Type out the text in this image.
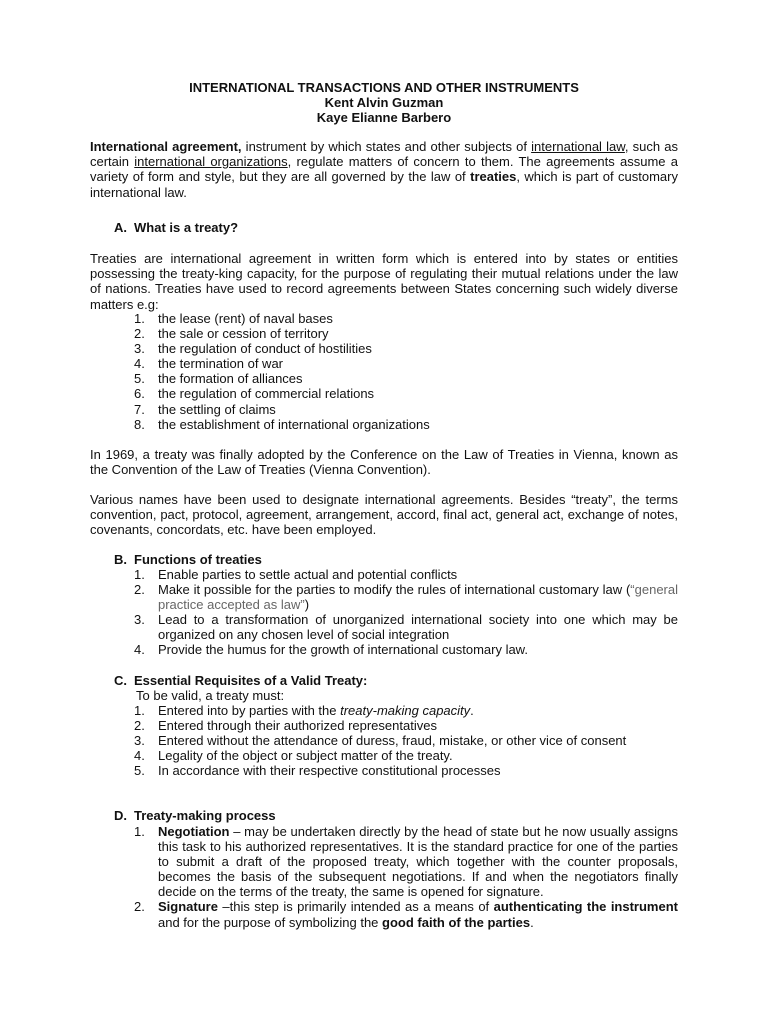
INTERNATIONAL TRANSACTIONS AND OTHER INSTRUMENTS
Kent Alvin Guzman
Kaye Elianne Barbero
International agreement, instrument by which states and other subjects of international law, such as certain international organizations, regulate matters of concern to them. The agreements assume a variety of form and style, but they are all governed by the law of treaties, which is part of customary international law.
A. What is a treaty?
Treaties are international agreement in written form which is entered into by states or entities possessing the treaty-king capacity, for the purpose of regulating their mutual relations under the law of nations. Treaties have used to record agreements between States concerning such widely diverse matters e.g:
1. the lease (rent) of naval bases
2. the sale or cession of territory
3. the regulation of conduct of hostilities
4. the termination of war
5. the formation of alliances
6. the regulation of commercial relations
7. the settling of claims
8. the establishment of international organizations
In 1969, a treaty was finally adopted by the Conference on the Law of Treaties in Vienna, known as the Convention of the Law of Treaties (Vienna Convention).
Various names have been used to designate international agreements. Besides “treaty”, the terms convention, pact, protocol, agreement, arrangement, accord, final act, general act, exchange of notes, covenants, concordats, etc. have been employed.
B. Functions of treaties
1. Enable parties to settle actual and potential conflicts
2. Make it possible for the parties to modify the rules of international customary law (“general practice accepted as law”)
3. Lead to a transformation of unorganized international society into one which may be organized on any chosen level of social integration
4. Provide the humus for the growth of international customary law.
C. Essential Requisites of a Valid Treaty:
To be valid, a treaty must:
1. Entered into by parties with the treaty-making capacity.
2. Entered through their authorized representatives
3. Entered without the attendance of duress, fraud, mistake, or other vice of consent
4. Legality of the object or subject matter of the treaty.
5. In accordance with their respective constitutional processes
D. Treaty-making process
1. Negotiation – may be undertaken directly by the head of state but he now usually assigns this task to his authorized representatives. It is the standard practice for one of the parties to submit a draft of the proposed treaty, which together with the counter proposals, becomes the basis of the subsequent negotiations. If and when the negotiators finally decide on the terms of the treaty, the same is opened for signature.
2. Signature –this step is primarily intended as a means of authenticating the instrument and for the purpose of symbolizing the good faith of the parties.
